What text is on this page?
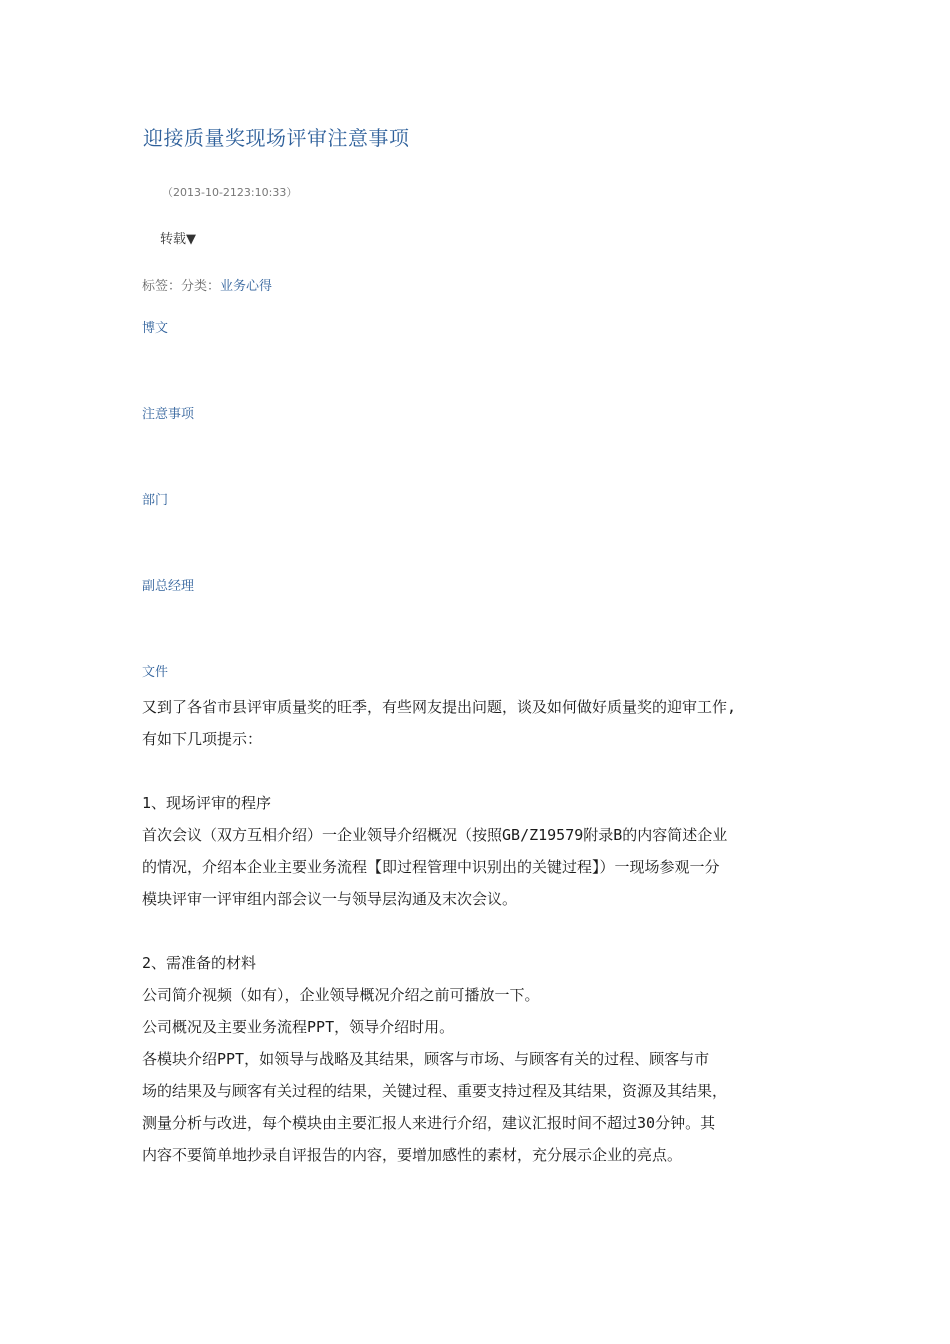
迎接质量奖现场评审注意事项
（2013-10-2123:10:33）
转载▼
标签：分类：业务心得
博文
注意事项
部门
副总经理
文件

又到了各省市县评审质量奖的旺季，有些网友提出问题，谈及如何做好质量奖的迎审工作,

有如下几项提示：

1、现场评审的程序

首次会议（双方互相介绍）一企业领导介绍概况（按照GB/Z19579附录B的内容简述企业

的情况，介绍本企业主要业务流程【即过程管理中识别出的关键过程】）一现场参观一分

模块评审一评审组内部会议一与领导层沟通及末次会议。

2、需准备的材料

公司简介视频（如有），企业领导概况介绍之前可播放一下。

公司概况及主要业务流程PPT，领导介绍时用。

各模块介绍PPT，如领导与战略及其结果，顾客与市场、与顾客有关的过程、顾客与市

场的结果及与顾客有关过程的结果，关键过程、重要支持过程及其结果，资源及其结果，

测量分析与改进，每个模块由主要汇报人来进行介绍，建议汇报时间不超过30分钟。其

内容不要简单地抄录自评报告的内容，要增加感性的素材，充分展示企业的亮点。
